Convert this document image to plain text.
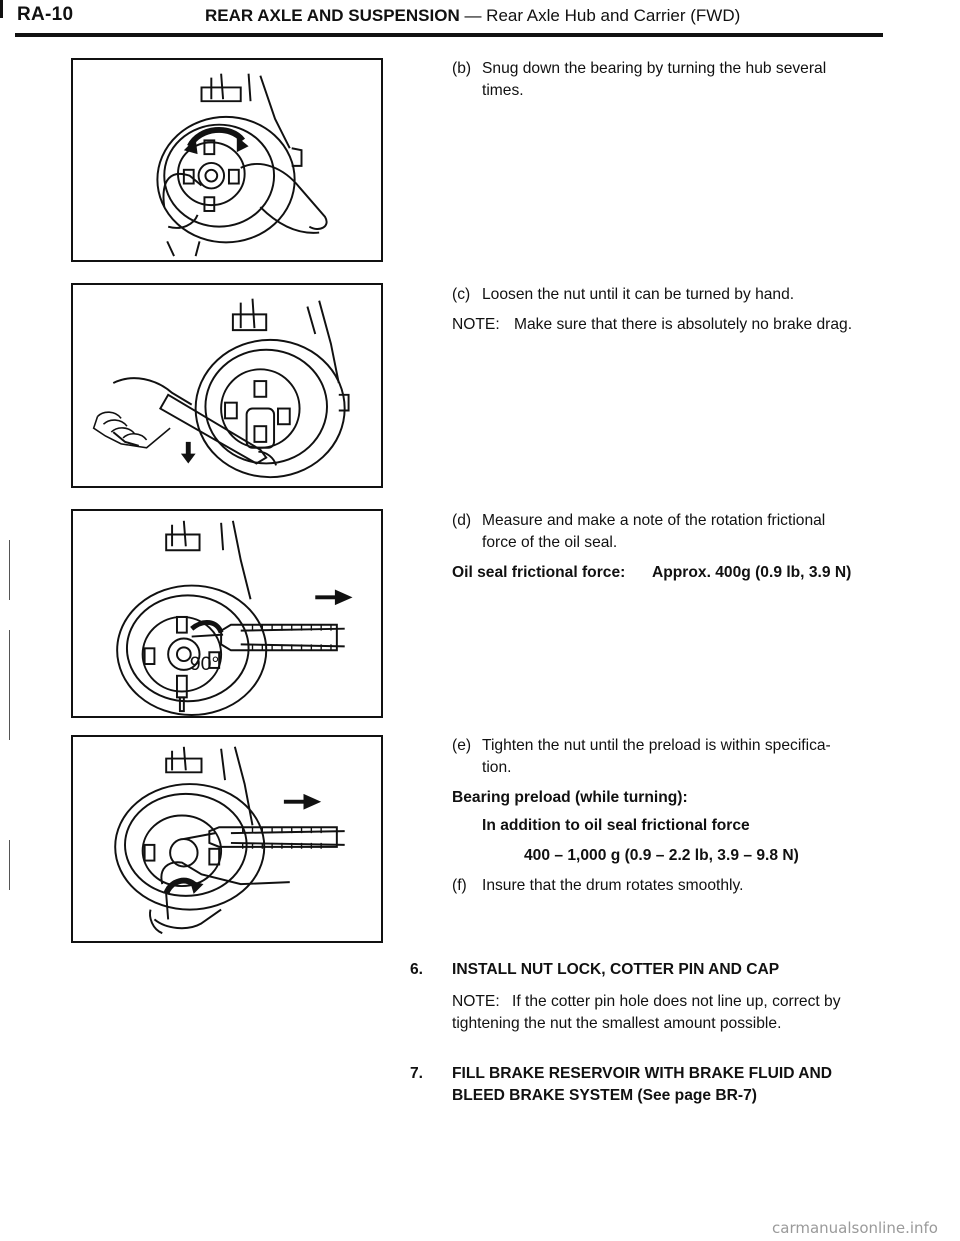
RA-10	REAR AXLE AND SUSPENSION — Rear Axle Hub and Carrier (FWD)
90°
(b) Snug down the bearing by turning the hub several
times.
(c) Loosen the nut until it can be turned by hand.
NOTE: Make sure that there is absolutely no brake drag.
(d) Measure and make a note of the rotation frictional
force of the oil seal.
Oil seal frictional force: Approx. 400g (0.9 lb, 3.9 N)
(e) Tighten the nut until the preload is within specifica-
tion.
Bearing preload (while turning):
In addition to oil seal frictional force
400 – 1,000 g (0.9 – 2.2 lb, 3.9 – 9.8 N)
(f) Insure that the drum rotates smoothly.
6. INSTALL NUT LOCK, COTTER PIN AND CAP
NOTE: If the cotter pin hole does not line up, correct by
tightening the nut the smallest amount possible.
7. FILL BRAKE RESERVOIR WITH BRAKE FLUID AND
BLEED BRAKE SYSTEM (See page BR-7)
carmanualsonline.info
